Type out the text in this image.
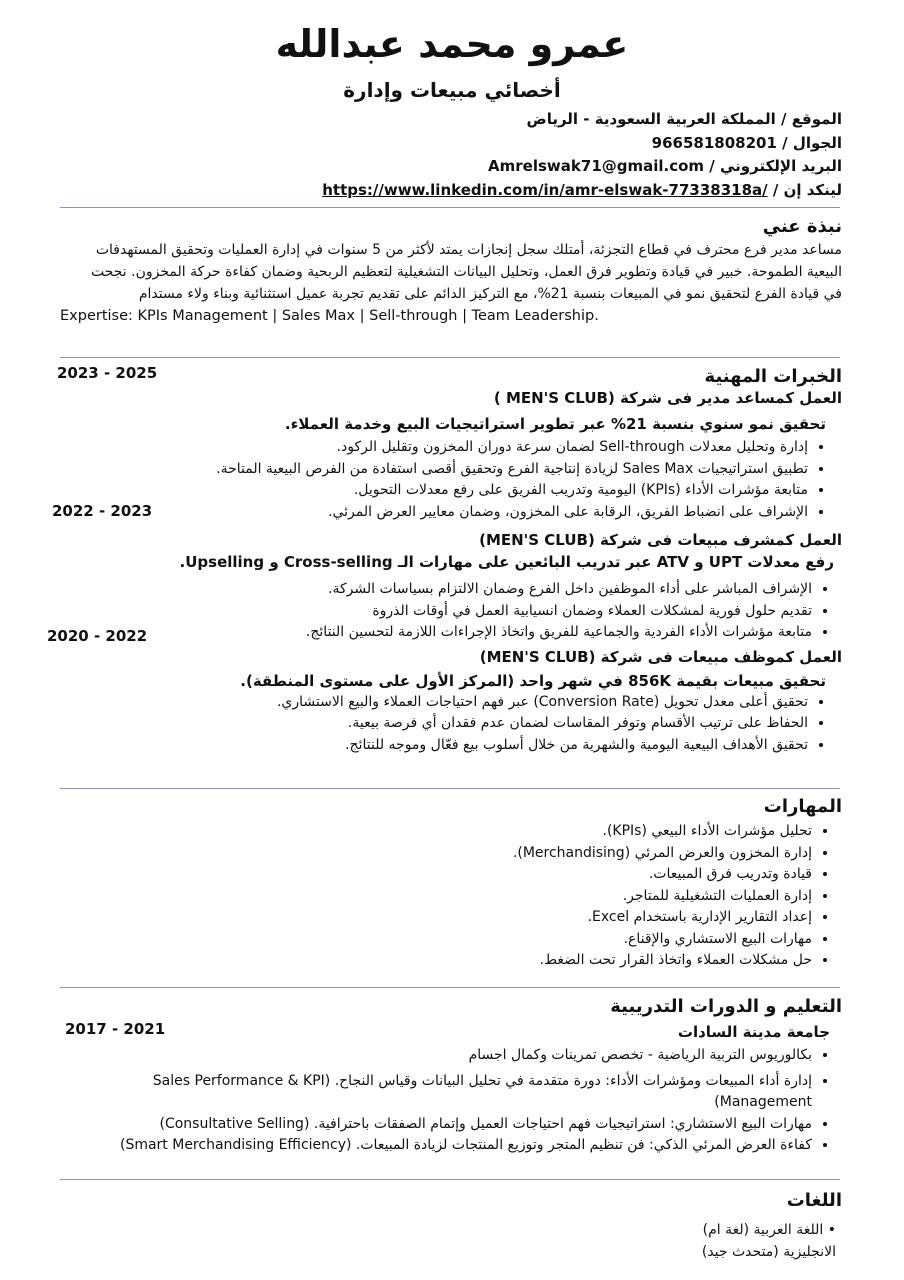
عمرو محمد عبدالله
أخصائي مبيعات وإدارة
الموقع / المملكة العربية السعودية - الرياض
الجوال / 966581808201
البريد الإلكتروني / Amrelswak71@gmail.com
لينكد إن / https://www.linkedin.com/in/amr-elswak-77338318a/
نبذة عني
مساعد مدير فرع محترف في قطاع التجزئة، أمتلك سجل إنجازات يمتد لأكثر من 5 سنوات في إدارة العمليات وتحقيق المستهدفات البيعية الطموحة. خبير في قيادة وتطوير فرق العمل، وتحليل البيانات التشغيلية لتعظيم الربحية وضمان كفاءة حركة المخزون. نجحت في قيادة الفرع لتحقيق نمو في المبيعات بنسبة 21%، مع التركيز الدائم على تقديم تجربة عميل استثنائية وبناء ولاء مستدام
Expertise: KPIs Management | Sales Max | Sell-through | Team Leadership.
2023 - 2025
2022 - 2023
2020 - 2022
الخبرات المهنية
العمل كمساعد مدير فى شركة (MEN'S CLUB )
تحقيق نمو سنوي بنسبة 21% عبر تطوير استراتيجيات البيع وخدمة العملاء.
• إدارة وتحليل معدلات Sell-through لضمان سرعة دوران المخزون وتقليل الركود.
• تطبيق استراتيجيات Sales Max لزيادة إنتاجية الفرع وتحقيق أقصى استفادة من الفرص البيعية المتاحة.
• متابعة مؤشرات الأداء (KPIs) اليومية وتدريب الفريق على رفع معدلات التحويل.
• الإشراف على انضباط الفريق، الرقابة على المخزون، وضمان معايير العرض المرئي.
العمل كمشرف مبيعات فى شركة (MEN'S CLUB)
رفع معدلات UPT و ATV عبر تدريب البائعين على مهارات الـ Cross-selling و Upselling.
• الإشراف المباشر على أداء الموظفين داخل الفرع وضمان الالتزام بسياسات الشركة.
• تقديم حلول فورية لمشكلات العملاء وضمان انسيابية العمل في أوقات الذروة
• متابعة مؤشرات الأداء الفردية والجماعية للفريق واتخاذ الإجراءات اللازمة لتحسين النتائج.
العمل كموظف مبيعات فى شركة (MEN'S CLUB)
تحقيق مبيعات بقيمة 856K في شهر واحد (المركز الأول على مستوى المنطقة).
• تحقيق أعلى معدل تحويل (Conversion Rate) عبر فهم احتياجات العملاء والبيع الاستشاري.
• الحفاظ على ترتيب الأقسام وتوفر المقاسات لضمان عدم فقدان أي فرصة بيعية.
• تحقيق الأهداف البيعية اليومية والشهرية من خلال أسلوب بيع فعّال وموجه للنتائج.
المهارات
• تحليل مؤشرات الأداء البيعي (KPIs).
• إدارة المخزون والعرض المرئي (Merchandising).
• قيادة وتدريب فرق المبيعات.
• إدارة العمليات التشغيلية للمتاجر.
• إعداد التقارير الإدارية باستخدام Excel.
• مهارات البيع الاستشاري والإقناع.
• حل مشكلات العملاء واتخاذ القرار تحت الضغط.
2017 - 2021
التعليم و الدورات التدريبية
جامعة مدينة السادات
• بكالوريوس التربية الرياضية - تخصص تمرينات وكمال اجسام
• إدارة أداء المبيعات ومؤشرات الأداء: دورة متقدمة في تحليل البيانات وقياس النجاح. (Sales Performance & KPI Management)
• مهارات البيع الاستشاري: استراتيجيات فهم احتياجات العميل وإتمام الصفقات باحترافية. (Consultative Selling)
• كفاءة العرض المرئي الذكي: فن تنظيم المتجر وتوزيع المنتجات لزيادة المبيعات. (Smart Merchandising Efficiency)
اللغات
• اللغة العربية (لغة ام)
الانجليزية (متحدث جيد)
